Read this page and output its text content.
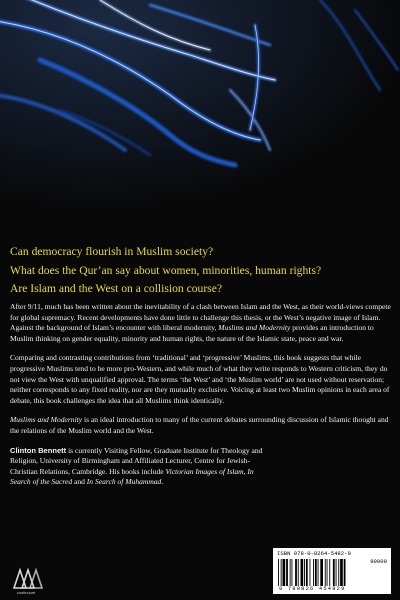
Can democracy flourish in Muslim society?
What does the Qur’an say about women, minorities, human rights?
Are Islam and the West on a collision course?

After 9/11, much has been written about the inevitability of a clash between Islam and the West, as their world-views compete for global supremacy. Recent developments have done little to challenge this thesis, or the West’s negative image of Islam. Against the background of Islam’s encounter with liberal modernity, Muslims and Modernity provides an introduction to Muslim thinking on gender equality, minority and human rights, the nature of the Islamic state, peace and war.

Comparing and contrasting contributions from ‘traditional’ and ‘progressive’ Muslims, this book suggests that while progressive Muslims tend to be more pro-Western, and while much of what they write responds to Western criticism, they do not view the West with unqualified approval. The terms ‘the West’ and ‘the Muslim world’ are not used without reservation; neither corresponds to any fixed reality, nor are they mutually exclusive. Voicing at least two Muslim opinions in each area of debate, this book challenges the idea that all Muslims think identically.

Muslims and Modernity is an ideal introduction to many of the current debates surrounding discussion of Islamic thought and the relations of the Muslim world and the West.

Clinton Bennett is currently Visiting Fellow, Graduate Institute for Theology and Religion, University of Birmingham and Affiliated Lecturer, Centre for Jewish-Christian Relations, Cambridge. His books include Victorian Images of Islam, In Search of the Sacred and In Search of Muhammad.

continuum
ISBN 978-0-8264-5482-9
90000
9 780826 454829
